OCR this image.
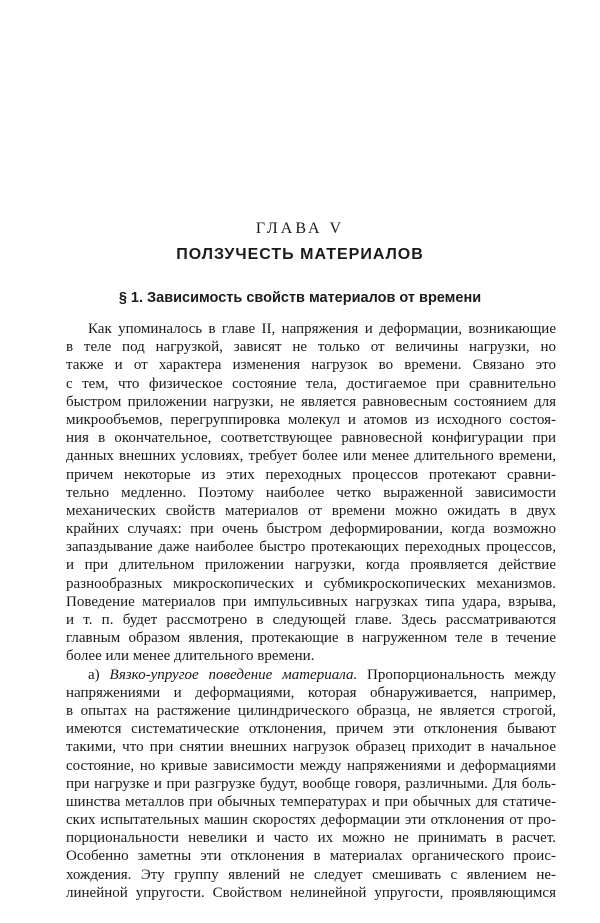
ГЛАВА V
ПОЛЗУЧЕСТЬ МАТЕРИАЛОВ
§ 1. Зависимость свойств материалов от времени
Как упоминалось в главе II, напряжения и деформации, возникающие
в теле под нагрузкой, зависят не только от величины нагрузки, но
также и от характера изменения нагрузок во времени. Связано это
с тем, что физическое состояние тела, достигаемое при сравнительно
быстром приложении нагрузки, не является равновесным состоянием для
микрообъемов, перегруппировка молекул и атомов из исходного состоя-
ния в окончательное, соответствующее равновесной конфигурации при
данных внешних условиях, требует более или менее длительного времени,
причем некоторые из этих переходных процессов протекают сравни-
тельно медленно. Поэтому наиболее четко выраженной зависимости
механических свойств материалов от времени можно ожидать в двух
крайних случаях: при очень быстром деформировании, когда возможно
запаздывание даже наиболее быстро протекающих переходных процессов,
и при длительном приложении нагрузки, когда проявляется действие
разнообразных микроскопических и субмикроскопических механизмов.
Поведение материалов при импульсивных нагрузках типа удара, взрыва,
и т. п. будет рассмотрено в следующей главе. Здесь рассматриваются
главным образом явления, протекающие в нагруженном теле в течение
более или менее длительного времени.
а) Вязко-упругое поведение материала. Пропорциональность между
напряжениями и деформациями, которая обнаруживается, например,
в опытах на растяжение цилиндрического образца, не является строгой,
имеются систематические отклонения, причем эти отклонения бывают
такими, что при снятии внешних нагрузок образец приходит в начальное
состояние, но кривые зависимости между напряжениями и деформациями
при нагрузке и при разгрузке будут, вообще говоря, различными. Для боль-
шинства металлов при обычных температурах и при обычных для статиче-
ских испытательных машин скоростях деформации эти отклонения от про-
порциональности невелики и часто их можно не принимать в расчет.
Особенно заметны эти отклонения в материалах органического проис-
хождения. Эту группу явлений не следует смешивать с явлением не-
линейной упругости. Свойством нелинейной упругости, проявляющимся
